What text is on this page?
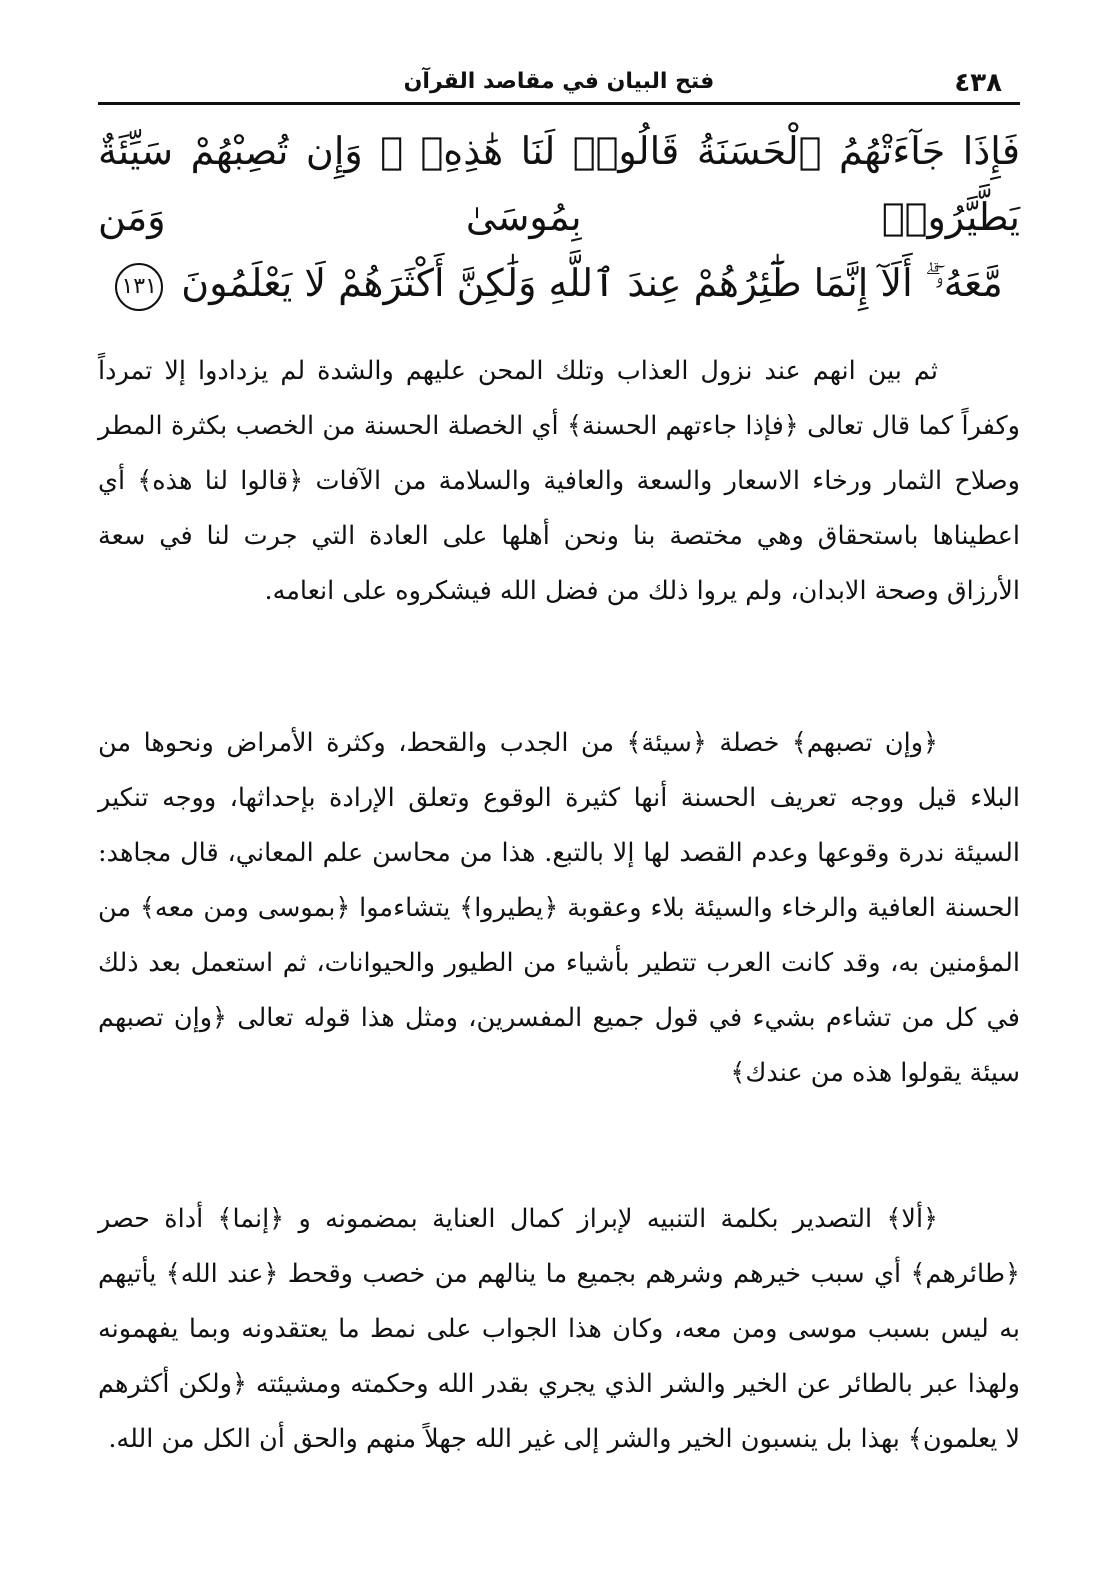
٤٣٨
فتح البيان في مقاصد القرآن
فَإِذَا جَآءَتْهُمُ ٱلْحَسَنَةُ قَالُوا۟ لَنَا هَٰذِهِۦ ۖ وَإِن تُصِبْهُمْ سَيِّئَةٌ يَطَّيَّرُوا۟ بِمُوسَىٰ وَمَن
مَّعَهُۥٓ ۗ أَلَآ إِنَّمَا طَٰٓئِرُهُمْ عِندَ ٱللَّهِ وَلَٰكِنَّ أَكْثَرَهُمْ لَا يَعْلَمُونَ ١٣١

ثم بين انهم عند نزول العذاب وتلك المحن عليهم والشدة لم يزدادوا إلا تمرداً وكفراً كما قال تعالى ﴿فإذا جاءتهم الحسنة﴾ أي الخصلة الحسنة من الخصب بكثرة المطر وصلاح الثمار ورخاء الاسعار والسعة والعافية والسلامة من الآفات ﴿قالوا لنا هذه﴾ أي اعطيناها باستحقاق وهي مختصة بنا ونحن أهلها على العادة التي جرت لنا في سعة الأرزاق وصحة الابدان، ولم يروا ذلك من فضل الله فيشكروه على انعامه.

﴿وإن تصبهم﴾ خصلة ﴿سيئة﴾ من الجدب والقحط، وكثرة الأمراض ونحوها من البلاء قيل ووجه تعريف الحسنة أنها كثيرة الوقوع وتعلق الإرادة بإحداثها، ووجه تنكير السيئة ندرة وقوعها وعدم القصد لها إلا بالتبع. هذا من محاسن علم المعاني، قال مجاهد: الحسنة العافية والرخاء والسيئة بلاء وعقوبة ﴿يطيروا﴾ يتشاءموا ﴿بموسى ومن معه﴾ من المؤمنين به، وقد كانت العرب تتطير بأشياء من الطيور والحيوانات، ثم استعمل بعد ذلك في كل من تشاءم بشيء في قول جميع المفسرين، ومثل هذا قوله تعالى ﴿وإن تصبهم سيئة يقولوا هذه من عندك﴾

﴿ألا﴾ التصدير بكلمة التنبيه لإبراز كمال العناية بمضمونه و ﴿إنما﴾ أداة حصر ﴿طائرهم﴾ أي سبب خيرهم وشرهم بجميع ما ينالهم من خصب وقحط ﴿عند الله﴾ يأتيهم به ليس بسبب موسى ومن معه، وكان هذا الجواب على نمط ما يعتقدونه وبما يفهمونه ولهذا عبر بالطائر عن الخير والشر الذي يجري بقدر الله وحكمته ومشيئته ﴿ولكن أكثرهم لا يعلمون﴾ بهذا بل ينسبون الخير والشر إلى غير الله جهلاً منهم والحق أن الكل من الله.
